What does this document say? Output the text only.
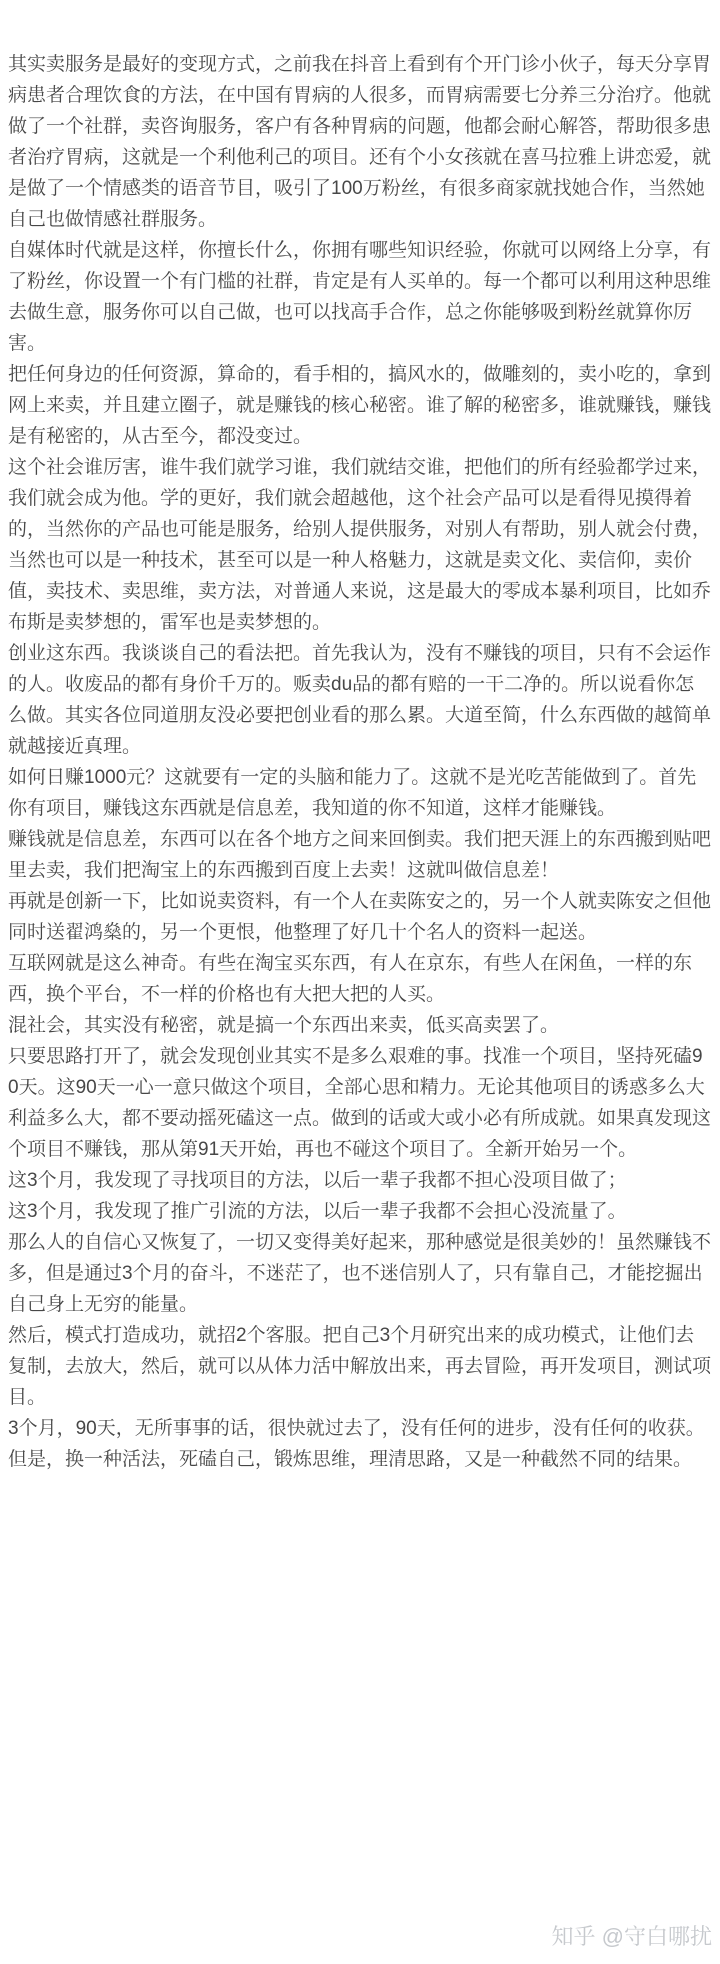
其实卖服务是最好的变现方式，之前我在抖音上看到有个开门诊小伙子，每天分享胃病患者合理饮食的方法，在中国有胃病的人很多，而胃病需要七分养三分治疗。他就做了一个社群，卖咨询服务，客户有各种胃病的问题，他都会耐心解答，帮助很多患者治疗胃病，这就是一个利他利己的项目。还有个小女孩就在喜马拉雅上讲恋爱，就是做了一个情感类的语音节目，吸引了100万粉丝，有很多商家就找她合作，当然她自己也做情感社群服务。

自媒体时代就是这样，你擅长什么，你拥有哪些知识经验，你就可以网络上分享，有了粉丝，你设置一个有门槛的社群，肯定是有人买单的。每一个都可以利用这种思维去做生意，服务你可以自己做，也可以找高手合作，总之你能够吸到粉丝就算你厉害。

把任何身边的任何资源，算命的，看手相的，搞风水的，做雕刻的，卖小吃的，拿到网上来卖，并且建立圈子，就是赚钱的核心秘密。谁了解的秘密多，谁就赚钱，赚钱是有秘密的，从古至今，都没变过。

这个社会谁厉害，谁牛我们就学习谁，我们就结交谁，把他们的所有经验都学过来，我们就会成为他。学的更好，我们就会超越他，这个社会产品可以是看得见摸得着的，当然你的产品也可能是服务，给别人提供服务，对别人有帮助，别人就会付费，当然也可以是一种技术，甚至可以是一种人格魅力，这就是卖文化、卖信仰，卖价值，卖技术、卖思维，卖方法，对普通人来说，这是最大的零成本暴利项目，比如乔布斯是卖梦想的，雷军也是卖梦想的。

创业这东西。我谈谈自己的看法把。首先我认为，没有不赚钱的项目，只有不会运作的人。收废品的都有身价千万的。贩卖du品的都有赔的一干二净的。所以说看你怎么做。其实各位同道朋友没必要把创业看的那么累。大道至简，什么东西做的越简单就越接近真理。

如何日赚1000元？这就要有一定的头脑和能力了。这就不是光吃苦能做到了。首先你有项目，赚钱这东西就是信息差，我知道的你不知道，这样才能赚钱。

赚钱就是信息差，东西可以在各个地方之间来回倒卖。我们把天涯上的东西搬到贴吧里去卖，我们把淘宝上的东西搬到百度上去卖！这就叫做信息差！

再就是创新一下，比如说卖资料，有一个人在卖陈安之的，另一个人就卖陈安之但他同时送翟鸿燊的，另一个更恨，他整理了好几十个名人的资料一起送。

互联网就是这么神奇。有些在淘宝买东西，有人在京东，有些人在闲鱼，一样的东西，换个平台，不一样的价格也有大把大把的人买。

混社会，其实没有秘密，就是搞一个东西出来卖，低买高卖罢了。

只要思路打开了，就会发现创业其实不是多么艰难的事。找准一个项目，坚持死磕90天。这90天一心一意只做这个项目，全部心思和精力。无论其他项目的诱惑多么大利益多么大，都不要动摇死磕这一点。做到的话或大或小必有所成就。如果真发现这个项目不赚钱，那从第91天开始，再也不碰这个项目了。全新开始另一个。

这3个月，我发现了寻找项目的方法，以后一辈子我都不担心没项目做了；

这3个月，我发现了推广引流的方法，以后一辈子我都不会担心没流量了。

那么人的自信心又恢复了，一切又变得美好起来，那种感觉是很美妙的！虽然赚钱不多，但是通过3个月的奋斗，不迷茫了，也不迷信别人了，只有靠自己，才能挖掘出自己身上无穷的能量。

然后，模式打造成功，就招2个客服。把自己3个月研究出来的成功模式，让他们去复制，去放大，然后，就可以从体力活中解放出来，再去冒险，再开发项目，测试项目。

3个月，90天，无所事事的话，很快就过去了，没有任何的进步，没有任何的收获。但是，换一种活法，死磕自己，锻炼思维，理清思路，又是一种截然不同的结果。

知乎 @守白哪扰
